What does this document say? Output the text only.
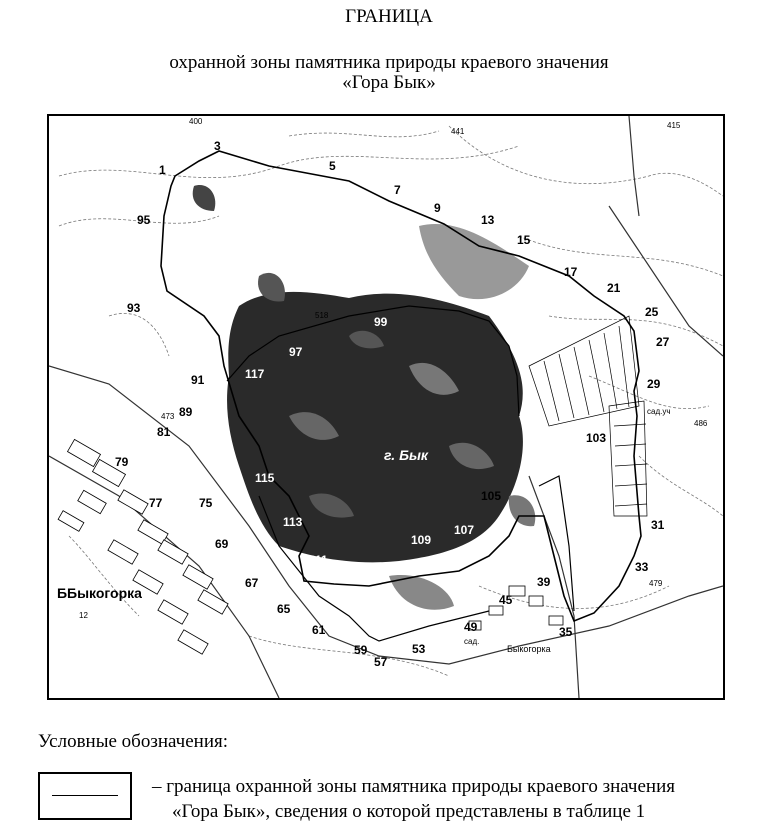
ГРАНИЦА
охранной зоны памятника природы краевого значения
«Гора Бык»
1
3
5
7
9
13
15
17
21
25
27
29
31
33
35
39
45
49
53
57
59
61
65
67
69
75
77
79
81
89
91
93
95
97
99
101	103
105
107
109
111
113
115
117
400
441
415
518
473
486
479
12
сад.уч
сад.
г. Бык
Б Быкогорка
Быкогорка
Условные обозначения:
– граница охранной зоны памятника природы краевого значения
«Гора Бык», сведения о которой представлены в таблице 1
